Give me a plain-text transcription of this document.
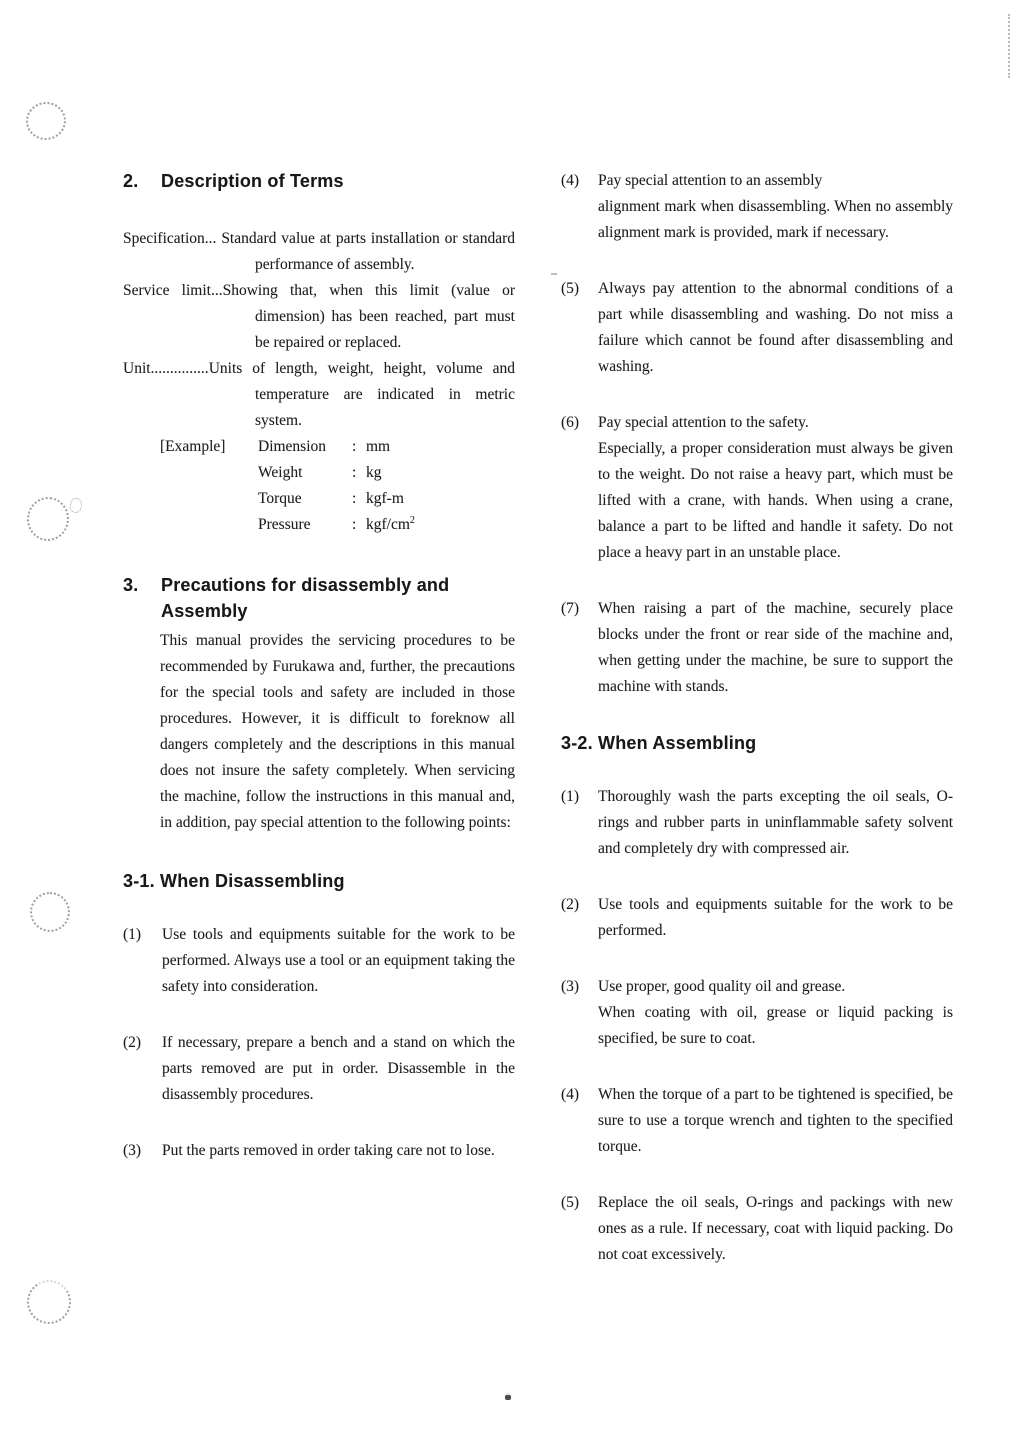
2.	Description of Terms

Specification... Standard value at parts installation or standard performance of assembly.

Service limit...Showing that, when this limit (value or dimension) has been reached, part must be repaired or replaced.

Unit...............Units of length, weight, height, volume and temperature are indicated in metric system.

[Example]	Dimension	: mm
Weight	: kg
Torque	: kgf-m
Pressure	: kgf/$cm^2$
3.	Precautions for disassembly and Assembly

This manual provides the servicing procedures to be recommended by Furukawa and, further, the precautions for the special tools and safety are included in those procedures. However, it is difficult to foreknow all dangers completely and the descriptions in this manual does not insure the safety completely. When servicing the machine, follow the instructions in this manual and, in addition, pay special attention to the following points:

3-1. When Disassembling
(1)	Use tools and equipments suitable for the work to be performed. Always use a tool or an equipment taking the safety into consideration.

(2)	If necessary, prepare a bench and a stand on which the parts removed are put in order. Disassemble in the disassembly procedures.

(3)	Put the parts removed in order taking care not to lose.

(4)	Pay special attention to an assembly

alignment mark when disassembling. When no assembly alignment mark is provided, mark if necessary.

(5)	Always pay attention to the abnormal conditions of a part while disassembling and washing. Do not miss a failure which cannot be found after disassembling and washing.

(6)	Pay special attention to the safety.

Especially, a proper consideration must always be given to the weight. Do not raise a heavy part, which must be lifted with a crane, with hands. When using a crane, balance a part to be lifted and handle it safety. Do not place a heavy part in an unstable place.

(7)	When raising a part of the machine, securely place blocks under the front or rear side of the machine and, when getting under the machine, be sure to support the machine with stands.

3-2. When Assembling
(1)	Thoroughly wash the parts excepting the oil seals, O-rings and rubber parts in uninflammable safety solvent and completely dry with compressed air.

(2)	Use tools and equipments suitable for the work to be performed.

(3)	Use proper, good quality oil and grease.

When coating with oil, grease or liquid packing is specified, be sure to coat.

(4)	When the torque of a part to be tightened is specified, be sure to use a torque wrench and tighten to the specified torque.

(5)	Replace the oil seals, O-rings and packings with new ones as a rule. If necessary, coat with liquid packing. Do not coat excessively.
